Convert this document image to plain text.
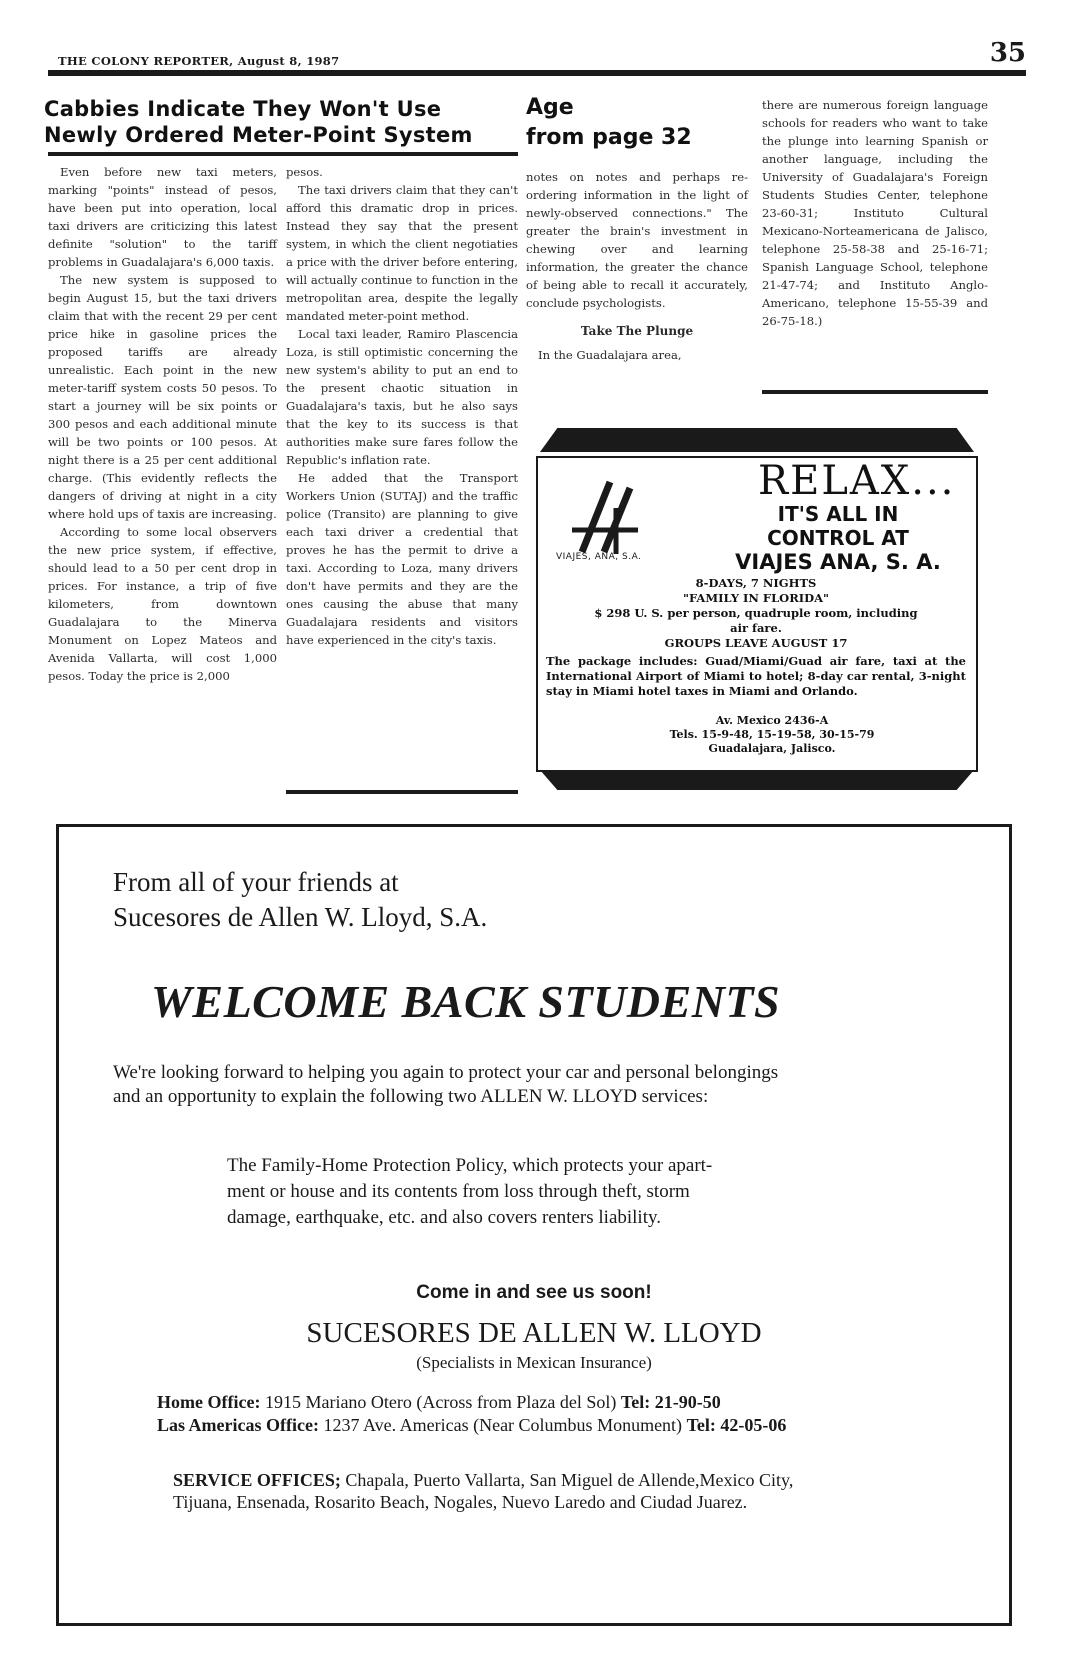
THE COLONY REPORTER, August 8, 1987	35
Cabbies Indicate They Won't Use
Newly Ordered Meter-Point System

Even before new taxi meters, marking "points" instead of pesos, have been put into operation, local taxi drivers are criticizing this latest definite "solution" to the tariff problems in Guadalajara's 6,000 taxis.

The new system is supposed to begin August 15, but the taxi drivers claim that with the recent 29 per cent price hike in gasoline prices the proposed tariffs are already unrealistic. Each point in the new meter-tariff system costs 50 pesos. To start a journey will be six points or 300 pesos and each additional minute will be two points or 100 pesos. At night there is a 25 per cent additional charge. (This evidently reflects the dangers of driving at night in a city where hold ups of taxis are increasing.

According to some local observers the new price system, if effective, should lead to a 50 per cent drop in prices. For instance, a trip of five kilometers, from downtown Guadalajara to the Minerva Monument on Lopez Mateos and Avenida Vallarta, will cost 1,000 pesos. Today the price is 2,000

pesos.

The taxi drivers claim that they can't afford this dramatic drop in prices. Instead they say that the present system, in which the client negotiaties a price with the driver before entering, will actually continue to function in the metropolitan area, despite the legally mandated meter-point method.

Local taxi leader, Ramiro Plascencia Loza, is still optimistic concerning the new system's ability to put an end to the present chaotic situation in Guadalajara's taxis, but he also says that the key to its success is that authorities make sure fares follow the Republic's inflation rate.

He added that the Transport Workers Union (SUTAJ) and the traffic police (Transito) are planning to give each taxi driver a credential that proves he has the permit to drive a taxi. According to Loza, many drivers don't have permits and they are the ones causing the abuse that many Guadalajara residents and visitors have experienced in the city's taxis.

Age
from page 32

notes on notes and perhaps re-ordering information in the light of newly-observed connections." The greater the brain's investment in chewing over and learning information, the greater the chance of being able to recall it accurately, conclude psychologists.

Take The Plunge

In the Guadalajara area,

there are numerous foreign language schools for readers who want to take the plunge into learning Spanish or another language, including the University of Guadalajara's Foreign Students Studies Center, telephone 23-60-31; Instituto Cultural Mexicano-Norteamericana de Jalisco, telephone 25-58-38 and 25-16-71; Spanish Language School, telephone 21-47-74; and Instituto Anglo-Americano, telephone 15-55-39 and 26-75-18.)

VIAJES, ANA, S.A.
RELAX...
IT'S ALL IN
CONTROL AT
VIAJES ANA, S. A.
8-DAYS, 7 NIGHTS
"FAMILY IN FLORIDA"
$ 298 U. S. per person, quadruple room, including
air fare.
GROUPS LEAVE AUGUST 17
The package includes: Guad/Miami/Guad air fare, taxi at the International Airport of Miami to hotel; 8-day car rental, 3-night stay in Miami hotel taxes in Miami and Orlando.
Av. Mexico 2436-A
Tels. 15-9-48, 15-19-58, 30-15-79
Guadalajara, Jalisco.
From all of your friends at
Sucesores de Allen W. Lloyd, S.A.
WELCOME BACK STUDENTS
We're looking forward to helping you again to protect your car and personal belongings
and an opportunity to explain the following two ALLEN W. LLOYD services:
The Family-Home Protection Policy, which protects your apart-
ment or house and its contents from loss through theft, storm
damage, earthquake, etc. and also covers renters liability.
Come in and see us soon!
SUCESORES DE ALLEN W. LLOYD
(Specialists in Mexican Insurance)
Home Office: 1915 Mariano Otero (Across from Plaza del Sol) Tel: 21-90-50
Las Americas Office: 1237 Ave. Americas (Near Columbus Monument) Tel: 42-05-06
SERVICE OFFICES; Chapala, Puerto Vallarta, San Miguel de Allende,Mexico City,
Tijuana, Ensenada, Rosarito Beach, Nogales, Nuevo Laredo and Ciudad Juarez.
